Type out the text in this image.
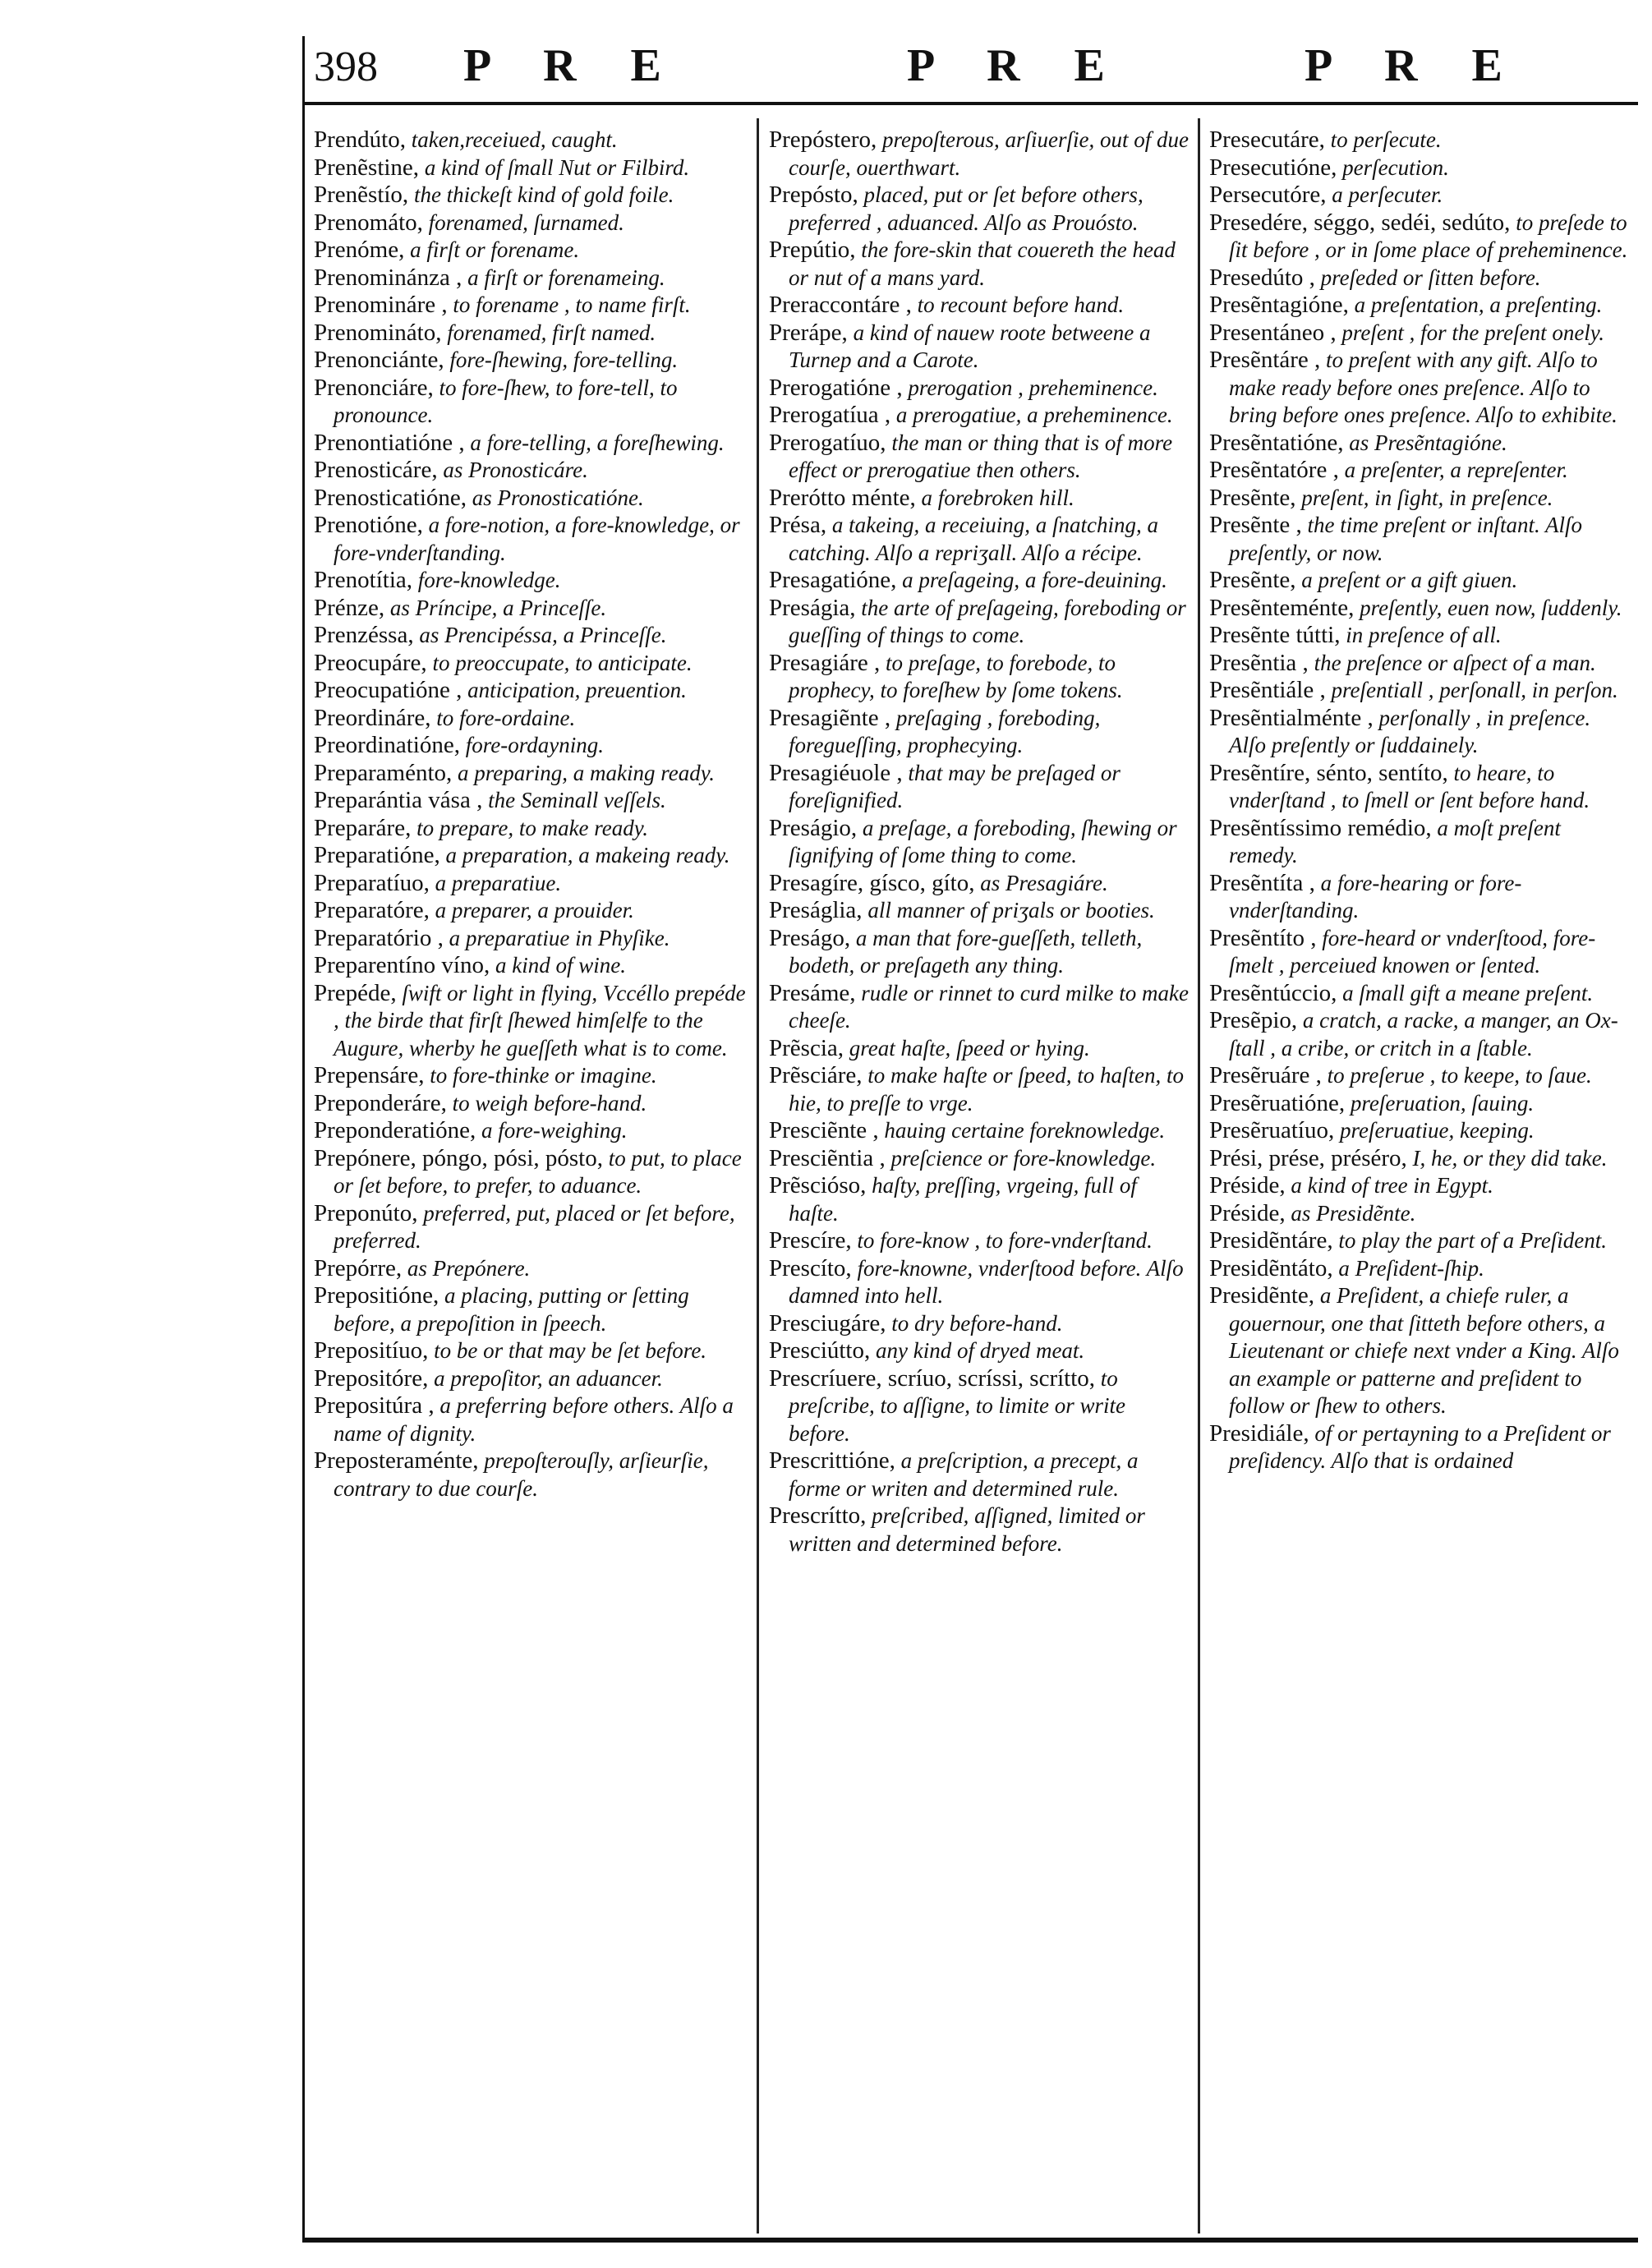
398 P R E	P R E	P R E

Prendúto, taken,receiued, caught.

Prenẽstine, a kind of ſmall Nut or Filbird.

Prenẽstío, the thickeſt kind of gold foile.

Prenomáto, forenamed, ſurnamed.

Prenóme, a firſt or forename.

Prenominánza , a firſt or forenameing.

Prenomináre , to forename , to name firſt.

Prenomináto, forenamed, firſt named.

Prenonciánte, fore-ſhewing, fore-telling.

Prenonciáre, to fore-ſhew, to fore-tell, to pronounce.

Prenontiatióne , a fore-telling, a foreſhewing.

Prenosticáre, as Pronosticáre.

Prenosticatióne, as Pronosticatióne.

Prenotióne, a fore-notion, a fore-knowledge, or fore-vnderſtanding.

Prenotítia, fore-knowledge.

Prénze, as Príncipe, a Princeſſe.

Prenzéssa, as Prencipéssa, a Princeſſe.

Preocupáre, to preoccupate, to anticipate.

Preocupatióne , anticipation, preuention.

Preordináre, to fore-ordaine.

Preordinatióne, fore-ordayning.

Preparaménto, a preparing, a making ready.

Preparántia vása , the Seminall veſſels.

Preparáre, to prepare, to make ready.

Preparatióne, a preparation, a makeing ready.

Preparatíuo, a preparatiue.

Preparatóre, a preparer, a prouider.

Preparatório , a preparatiue in Phyſike.

Preparentíno víno, a kind of wine.

Prepéde, ſwift or light in flying, Vccéllo prepéde , the birde that firſt ſhewed himſelfe to the Augure, wherby he gueſſeth what is to come.

Prepensáre, to fore-thinke or imagine.

Preponderáre, to weigh before-hand.

Preponderatióne, a fore-weighing.

Prepónere, póngo, pósi, pósto, to put, to place or ſet before, to prefer, to aduance.

Preponúto, preferred, put, placed or ſet before, preferred.

Prepórre, as Prepónere.

Prepositióne, a placing, putting or ſetting before, a prepoſition in ſpeech.

Prepositíuo, to be or that may be ſet before.

Prepositóre, a prepoſitor, an aduancer.

Prepositúra , a preferring before others. Alſo a name of dignity.

Preposteraménte, prepoſterouſly, arſieurſie, contrary to due courſe.

Prepóstero, prepoſterous, arſiuerſie, out of due courſe, ouerthwart.

Prepósto, placed, put or ſet before others, preferred , aduanced. Alſo as Prouósto.

Prepútio, the fore-skin that couereth the head or nut of a mans yard.

Preraccontáre , to recount before hand.

Prerápe, a kind of nauew roote betweene a Turnep and a Carote.

Prerogatióne , prerogation , preheminence.

Prerogatíua , a prerogatiue, a preheminence.

Prerogatíuo, the man or thing that is of more effect or prerogatiue then others.

Prerótto ménte, a forebroken hill.

Présa, a takeing, a receiuing, a ſnatching, a catching. Alſo a repriʒall. Alſo a récipe.

Presagatióne, a preſageing, a fore-deuining.

Preságia, the arte of preſageing, foreboding or gueſſing of things to come.

Presagiáre , to preſage, to forebode, to prophecy, to foreſhew by ſome tokens.

Presagiẽnte , preſaging , foreboding, foregueſſing, prophecying.

Presagiéuole , that may be preſaged or foreſignified.

Preságio, a preſage, a foreboding, ſhewing or ſignifying of ſome thing to come.

Presagíre, gísco, gíto, as Presagiáre.

Preságlia, all manner of priʒals or booties.

Preságo, a man that fore-gueſſeth, telleth, bodeth, or preſageth any thing.

Presáme, rudle or rinnet to curd milke to make cheeſe.

Prẽscia, great haſte, ſpeed or hying.

Prẽsciáre, to make haſte or ſpeed, to haſten, to hie, to preſſe to vrge.

Presciẽnte , hauing certaine foreknowledge.

Presciẽntia , preſcience or fore-knowledge.

Prẽscióso, haſty, preſſing, vrgeing, full of haſte.

Prescíre, to fore-know , to fore-vnderſtand.

Prescíto, fore-knowne, vnderſtood before. Alſo damned into hell.

Presciugáre, to dry before-hand.

Presciútto, any kind of dryed meat.

Prescríuere, scríuo, scríssi, scrítto, to preſcribe, to aſſigne, to limite or write before.

Prescrittióne, a preſcription, a precept, a forme or writen and determined rule.

Prescrítto, preſcribed, aſſigned, limited or written and determined before.

Presecutáre, to perſecute.

Presecutióne, perſecution.

Persecutóre, a perſecuter.

Presedére, séggo, sedéi, sedúto, to preſede to ſit before , or in ſome place of preheminence.

Presedúto , preſeded or ſitten before.

Presẽntagióne, a preſentation, a preſenting.

Presentáneo , preſent , for the preſent onely.

Presẽntáre , to preſent with any gift. Alſo to make ready before ones preſence. Alſo to bring before ones preſence. Alſo to exhibite.

Presẽntatióne, as Presẽntagióne.

Presẽntatóre , a preſenter, a repreſenter.

Presẽnte, preſent, in ſight, in preſence.

Presẽnte , the time preſent or inſtant. Alſo preſently, or now.

Presẽnte, a preſent or a gift giuen.

Presẽnteménte, preſently, euen now, ſuddenly.

Presẽnte tútti, in preſence of all.

Presẽntia , the preſence or aſpect of a man.

Presẽntiále , preſentiall , perſonall, in perſon.

Presẽntialménte , perſonally , in preſence. Alſo preſently or ſuddainely.

Presẽntíre, sénto, sentíto, to heare, to vnderſtand , to ſmell or ſent before hand.

Presẽntíssimo remédio, a moſt preſent remedy.

Presẽntíta , a fore-hearing or fore-vnderſtanding.

Presẽntíto , fore-heard or vnderſtood, fore-ſmelt , perceiued knowen or ſented.

Presẽntúccio, a ſmall gift a meane preſent.

Presẽpio, a cratch, a racke, a manger, an Ox-ſtall , a cribe, or critch in a ſtable.

Presẽruáre , to preſerue , to keepe, to ſaue.

Presẽruatióne, preſeruation, ſauing.

Presẽruatíuo, preſeruatiue, keeping.

Prési, prése, préséro, I, he, or they did take.

Préside, a kind of tree in Egypt.

Préside, as Presidẽnte.

Presidẽntáre, to play the part of a Preſident.

Presidẽntáto, a Preſident-ſhip.

Presidẽnte, a Preſident, a chiefe ruler, a gouernour, one that ſitteth before others, a Lieutenant or chiefe next vnder a King. Alſo an example or patterne and preſident to follow or ſhew to others.

Presidiále, of or pertayning to a Preſident or preſidency. Alſo that is ordained
